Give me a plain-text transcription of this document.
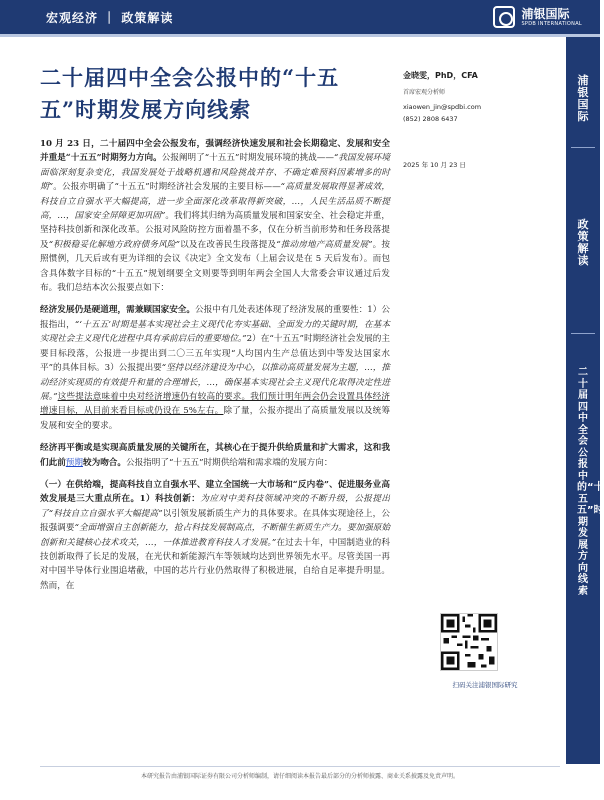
宏观经济 ｜ 政策解读	浦银国际
SPDB INTERNATIONAL
二十届四中全会公报中的“十五五”时期发展方向线索
金晓雯，PhD，CFA
首席宏观分析师
xiaowen_jin@spdbi.com
(852) 2808 6437
2025 年 10 月 23 日

10 月 23 日，二十届四中全会公报发布，强调经济快速发展和社会长期稳定、发展和安全并重是“十五五”时期努力方向。公报阐明了“十五五”时期发展环境的挑战——“我国发展环境面临深刻复杂变化，我国发展处于战略机遇和风险挑战并存、不确定难预料因素增多的时期”。公报亦明确了“十五五”时期经济社会发展的主要目标——“高质量发展取得显著成效，科技自立自强水平大幅提高，进一步全面深化改革取得新突破，…，人民生活品质不断提高，…，国家安全屏障更加巩固”。我们将其归纳为高质量发展和国家安全、社会稳定并重，坚持科技创新和深化改革。公报对风险防控方面着墨不多，仅在分析当前形势和任务段落提及“积极稳妥化解地方政府债务风险”以及在改善民生段落提及“推动房地产高质量发展”。按照惯例，几天后或有更为详细的会议《决定》全文发布（上届会议是在 5 天后发布）。而包含具体数字目标的“十五五”规划纲要全文则要等到明年两会全国人大常委会审议通过后发布。我们总结本次公报要点如下：

经济发展仍是硬道理，需兼顾国家安全。公报中有几处表述体现了经济发展的重要性：1）公报指出，“‘十五五’时期是基本实现社会主义现代化夯实基础、全面发力的关键时期，在基本实现社会主义现代化进程中具有承前启后的重要地位。”2）在“十五五”时期经济社会发展的主要目标段落，公报进一步提出到二〇三五年实现“人均国内生产总值达到中等发达国家水平”的具体目标。3）公报提出要“坚持以经济建设为中心，以推动高质量发展为主题，…，推动经济实现质的有效提升和量的合理增长，…，确保基本实现社会主义现代化取得决定性进展。”这些提法意味着中央对经济增速仍有较高的要求。我们预计明年两会仍会设置具体经济增速目标，从目前来看目标或仍设在 5%左右。除了量，公报亦提出了高质量发展以及统筹发展和安全的要求。

经济再平衡或是实现高质量发展的关键所在，其核心在于提升供给质量和扩大需求，这和我们此前预期较为吻合。公报指明了“十五五”时期供给端和需求端的发展方向：

（一）在供给端，提高科技自立自强水平、建立全国统一大市场和“反内卷”、促进服务业高效发展是三大重点所在。1）科技创新：为应对中美科技领域冲突的不断升级，公报提出了“科技自立自强水平大幅提高”以引领发展新质生产力的具体要求。在具体实现途径上，公报强调要“全面增强自主创新能力，抢占科技发展制高点，不断催生新质生产力。要加强原始创新和关键核心技术攻关，…，一体推进教育科技人才发展。”在过去十年，中国制造业的科技创新取得了长足的发展，在光伏和新能源汽车等领域均达到世界领先水平。尽管美国一再对中国半导体行业围追堵截，中国的芯片行业仍然取得了积极进展，自给自足率提升明显。然而，在

浦银国际
政策解读
二十届四中全会公报中的“十五五”时期发展方向线索
扫码关注浦银国际研究
本研究报告由浦银国际证券有限公司分析师编制，请仔细阅读本报告最后部分的分析师披露、商业关系披露及免责声明。
